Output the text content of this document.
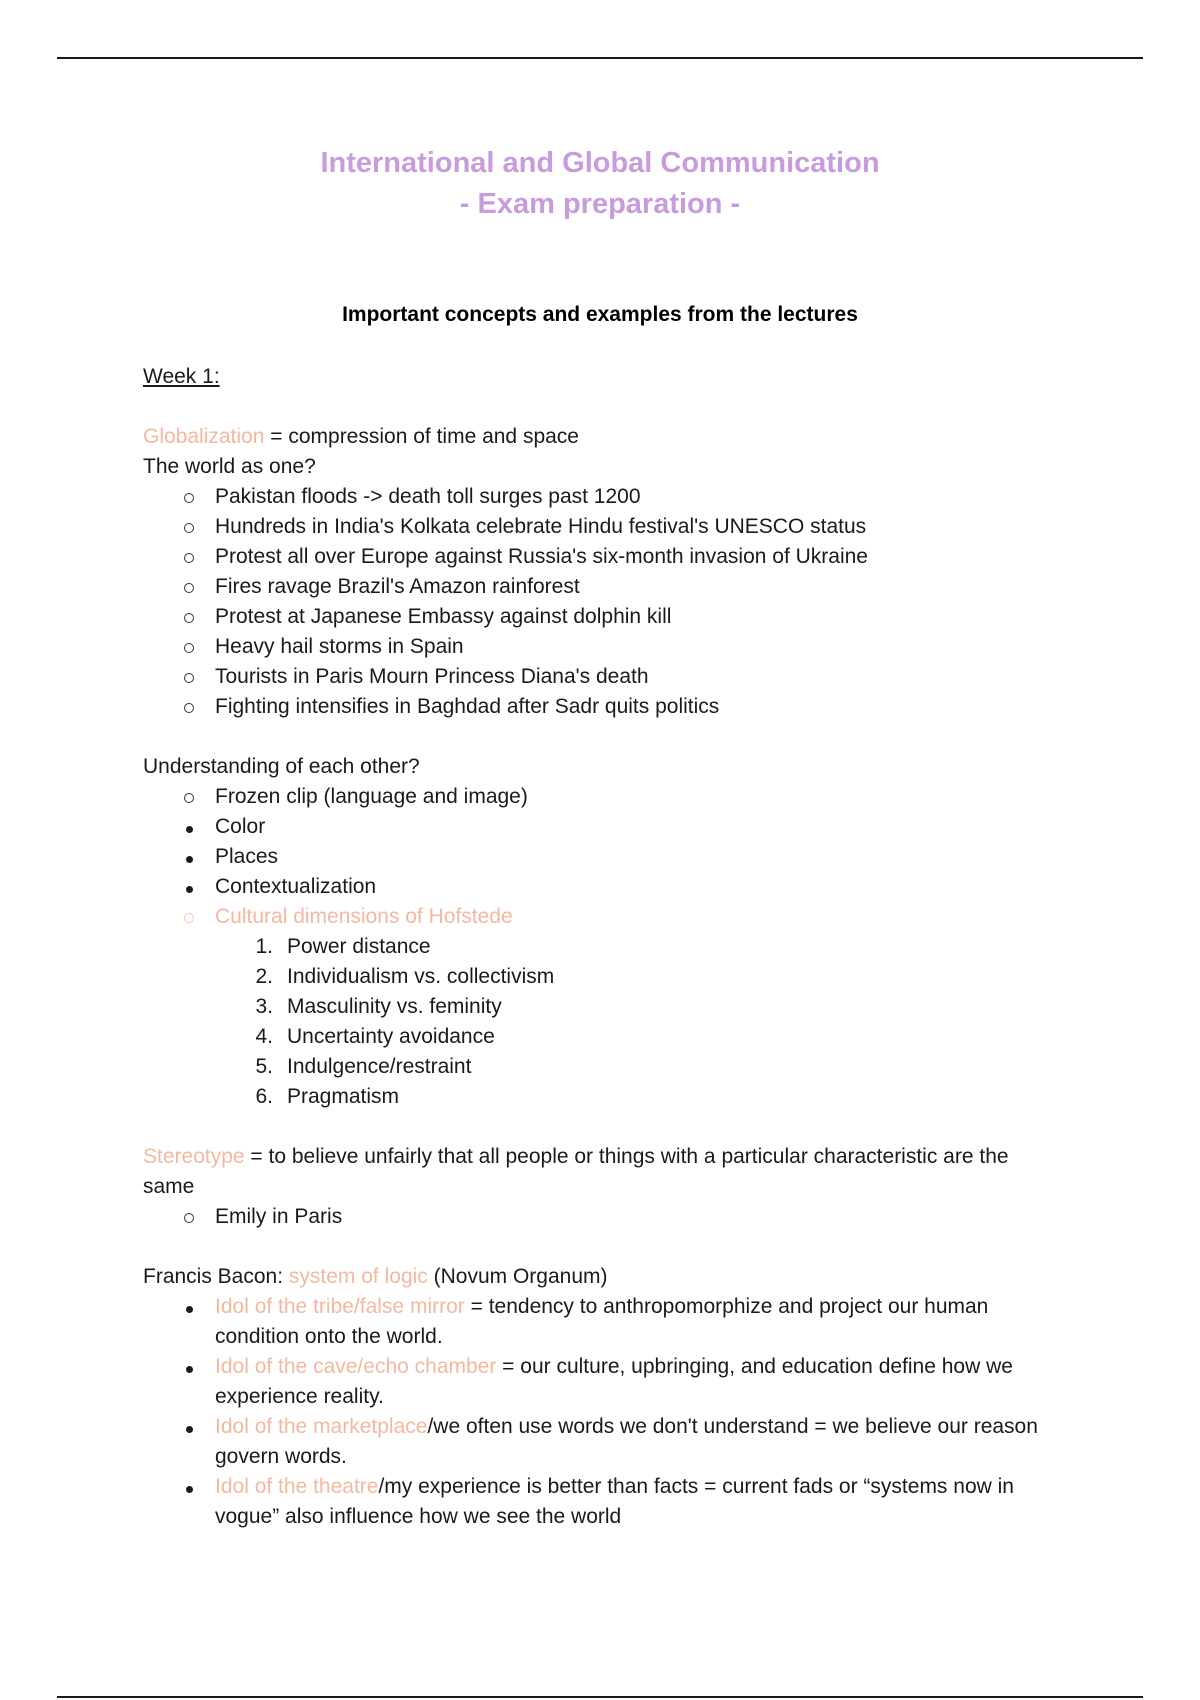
International and Global Communication
- Exam preparation -
Important concepts and examples from the lectures

Week 1:

Globalization = compression of time and space

The world as one?

Pakistan floods -> death toll surges past 1200
Hundreds in India's Kolkata celebrate Hindu festival's UNESCO status
Protest all over Europe against Russia's six-month invasion of Ukraine
Fires ravage Brazil's Amazon rainforest
Protest at Japanese Embassy against dolphin kill
Heavy hail storms in Spain
Tourists in Paris Mourn Princess Diana's death
Fighting intensifies in Baghdad after Sadr quits politics

Understanding of each other?

Frozen clip (language and image)
Color
Places
Contextualization
Cultural dimensions of Hofstede
1. Power distance
2. Individualism vs. collectivism
3. Masculinity vs. feminity
4. Uncertainty avoidance
5. Indulgence/restraint
6. Pragmatism

Stereotype = to believe unfairly that all people or things with a particular characteristic are the same

Emily in Paris

Francis Bacon: system of logic (Novum Organum)

Idol of the tribe/false mirror = tendency to anthropomorphize and project our human condition onto the world.
Idol of the cave/echo chamber = our culture, upbringing, and education define how we experience reality.
Idol of the marketplace/we often use words we don't understand = we believe our reason govern words.
Idol of the theatre/my experience is better than facts = current fads or “systems now in vogue” also influence how we see the world
